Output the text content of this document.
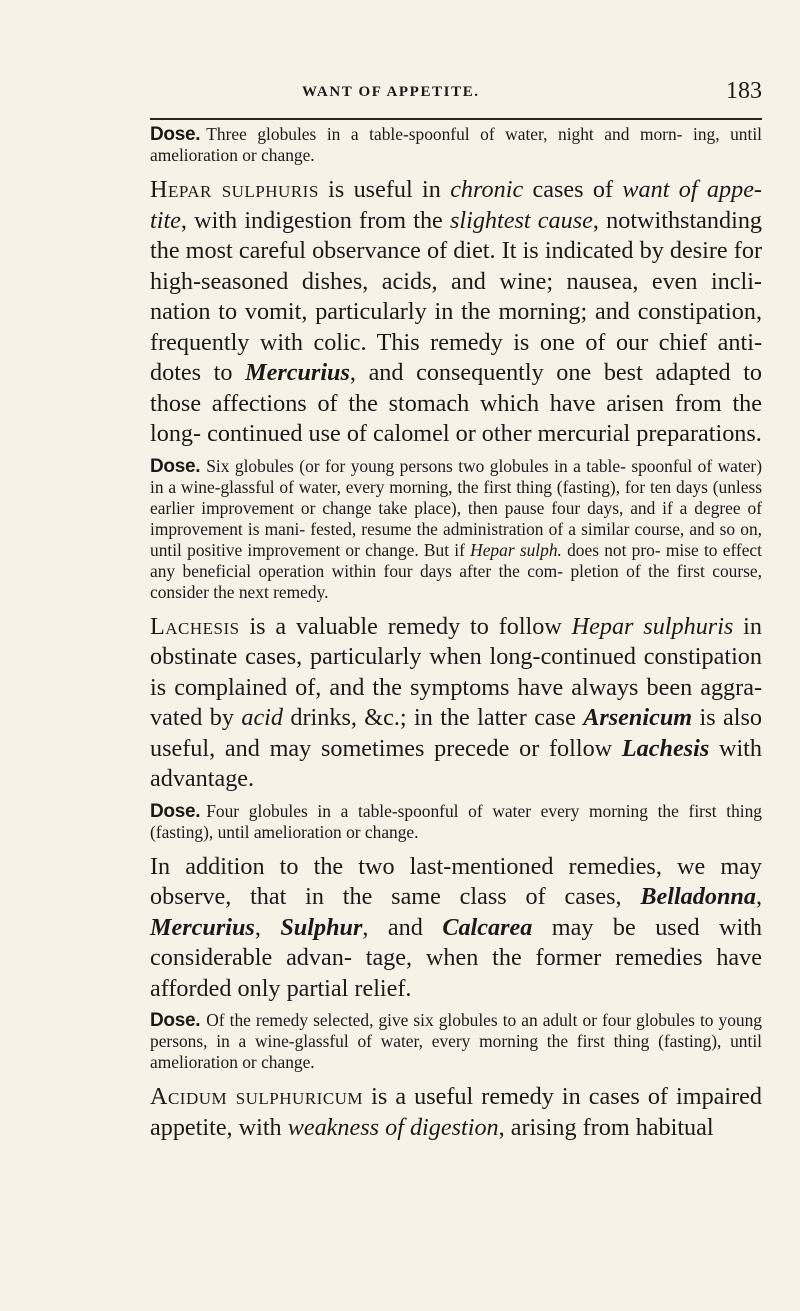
WANT OF APPETITE.	183

Dose. Three globules in a table-spoonful of water, night and morn- ing, until amelioration or change.

Hepar sulphuris is useful in chronic cases of want of appe- tite, with indigestion from the slightest cause, notwithstanding the most careful observance of diet. It is indicated by desire for high-seasoned dishes, acids, and wine; nausea, even incli- nation to vomit, particularly in the morning; and constipation, frequently with colic. This remedy is one of our chief anti- dotes to Mercurius, and consequently one best adapted to those affections of the stomach which have arisen from the long- continued use of calomel or other mercurial preparations.

Dose. Six globules (or for young persons two globules in a table- spoonful of water) in a wine-glassful of water, every morning, the first thing (fasting), for ten days (unless earlier improvement or change take place), then pause four days, and if a degree of improvement is mani- fested, resume the administration of a similar course, and so on, until positive improvement or change. But if Hepar sulph. does not pro- mise to effect any beneficial operation within four days after the com- pletion of the first course, consider the next remedy.

Lachesis is a valuable remedy to follow Hepar sulphuris in obstinate cases, particularly when long-continued constipation is complained of, and the symptoms have always been aggra- vated by acid drinks, &c.; in the latter case Arsenicum is also useful, and may sometimes precede or follow Lachesis with advantage.

Dose. Four globules in a table-spoonful of water every morning the first thing (fasting), until amelioration or change.

In addition to the two last-mentioned remedies, we may observe, that in the same class of cases, Belladonna, Mercurius, Sulphur, and Calcarea may be used with considerable advan- tage, when the former remedies have afforded only partial relief.

Dose. Of the remedy selected, give six globules to an adult or four globules to young persons, in a wine-glassful of water, every morning the first thing (fasting), until amelioration or change.

Acidum sulphuricum is a useful remedy in cases of impaired appetite, with weakness of digestion, arising from habitual
